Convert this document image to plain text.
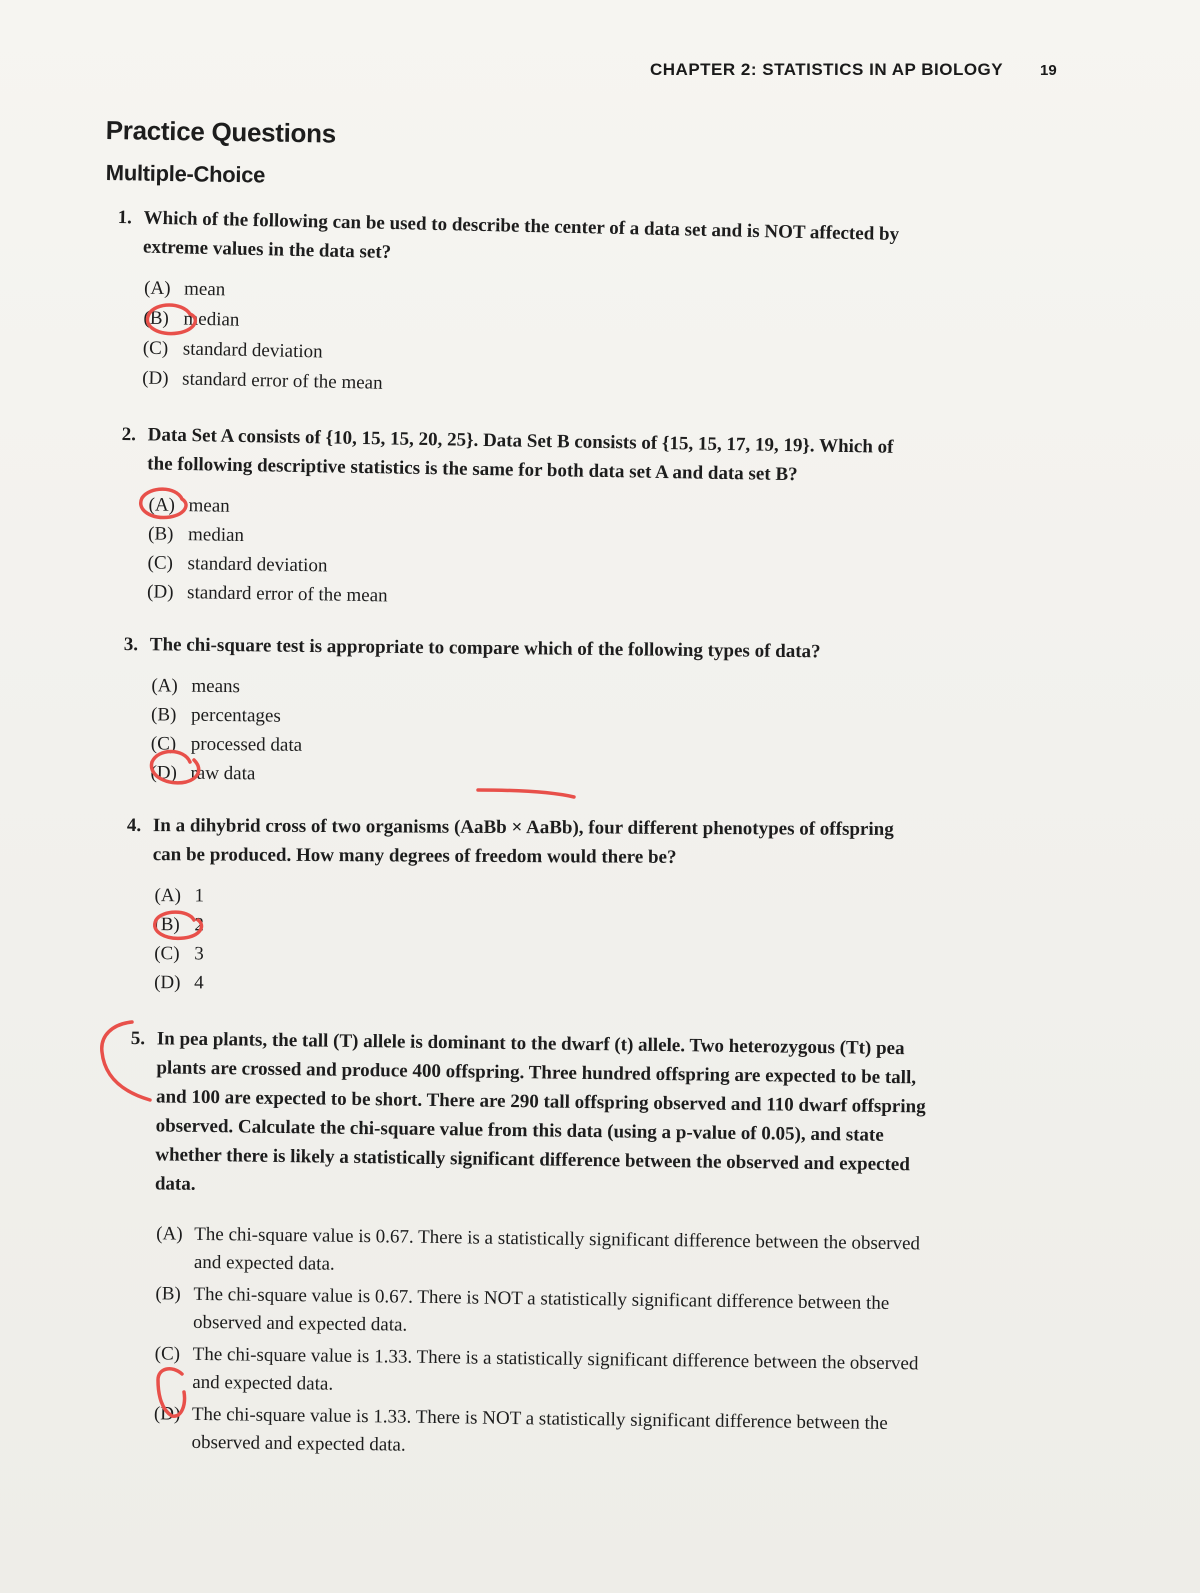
CHAPTER 2: STATISTICS IN AP BIOLOGY 19
Practice Questions
Multiple-Choice
1. Which of the following can be used to describe the center of a data set and is NOT affected by extreme values in the data set?
(A) mean
(B) median
(C) standard deviation
(D) standard error of the mean
2. Data Set A consists of {10, 15, 15, 20, 25}. Data Set B consists of {15, 15, 17, 19, 19}. Which of the following descriptive statistics is the same for both data set A and data set B?
(A) mean
(B) median
(C) standard deviation
(D) standard error of the mean
3. The chi-square test is appropriate to compare which of the following types of data?
(A) means
(B) percentages
(C) processed data
(D) raw data
4. In a dihybrid cross of two organisms (AaBb × AaBb), four different phenotypes of offspring can be produced. How many degrees of freedom would there be?
(A) 1
(B) 2
(C) 3
(D) 4
5. In pea plants, the tall (T) allele is dominant to the dwarf (t) allele. Two heterozygous (Tt) pea plants are crossed and produce 400 offspring. Three hundred offspring are expected to be tall, and 100 are expected to be short. There are 290 tall offspring observed and 110 dwarf offspring observed. Calculate the chi-square value from this data (using a p-value of 0.05), and state whether there is likely a statistically significant difference between the observed and expected data.
(A) The chi-square value is 0.67. There is a statistically significant difference between the observed and expected data.
(B) The chi-square value is 0.67. There is NOT a statistically significant difference between the observed and expected data.
(C) The chi-square value is 1.33. There is a statistically significant difference between the observed and expected data.
(D) The chi-square value is 1.33. There is NOT a statistically significant difference between the observed and expected data.
